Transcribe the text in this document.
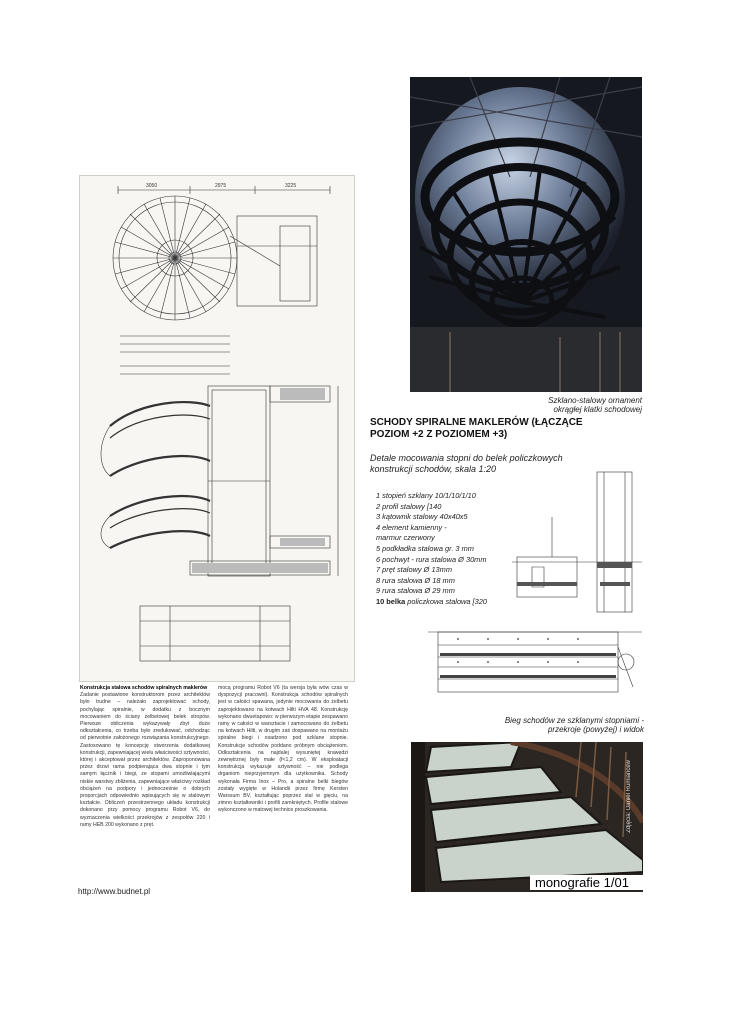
3050	2975	3225
Konstrukcja stalowa schodów spiralnych maklerów
Zadanie postawione konstruktorom przez architektów było trudne – należało zaprojektować schody, pochylając spiralnie, w dodatku z bocznym mocowaniem do ściany żelbetowej belek stropów. Pierwsze obliczenia wykazywały zbyt duże odkształcenia, co trzeba było zredukować, odchodząc od pierwotnie założonego rozwiązania konstrukcyjnego. Zastosowano tę koncepcję stworzenia dodatkowej konstrukcji, zapewniającej wielu właściwości sztywności, której i akceptował przez architektów. Zaproponowana przez drzwi rama podpierająca dwa stopnie i tym samym łącznik i biegi, ze stopami umożliwiającymi niskie warstwy zbliżenia, zapewniające właściwy rozkład obciążeń na podpory i jednocześnie o dobrych proporcjach odpowiednio wpisujących się w stalowym kształcie. Obliczeń przestrzennego układu konstrukcji dokonano przy pomocy programu Robot V6, do wyznaczenia wielkości przekrojów z zespołów 220 i ramy HEB 200 wykonano z pręt.
mocą programu Robot V6 (ta wersja była wów czas w dyspozycji pracowni). Konstrukcja schodów spiralnych jest w całości spawana, jedynie mocowania do żelbetu zaprojektowano na kotwach Hilti HVA 48. Konstrukcję wykonano dwuetapowo: w pierwszym etapie zespawano ramy w całości w warsztacie i zamocowano do żelbetu na kotwach Hilti, w drugim zaś dospawano na montażu spiralne biegi i osadzono pod szklane stopnie. Konstrukcje schodów poddano próbnym obciążeniom. Odkształcenia na najdalej wysuniętej krawędzi zewnętrznej były małe (f<1,2 cm). W eksploatacji konstrukcja wykazuje sztywność – nie podlega drganiom nieprzyjemnym dla użytkownika. Schody wykonała Firma Inox – Pro, a spiralne belki biegów zostały wygięte w Holandii przez firmę Kersten Warssum BV, kształtując poprzez stal w gięciu, na zimno kształtowniki i profili zamkniętych. Profile stalowe wykonczono w matowej technice proszkowania.
http://www.budnet.pl
Szklano-stalowy ornament
okrągłej klatki schodowej
SCHODY SPIRALNE MAKLERÓW (ŁĄCZĄCE
POZIOM +2 Z POZIOMEM +3)
Detale mocowania stopni do belek policzkowych
konstrukcji schodów, skala 1:20
1 stopień szklany 10/1/10/1/10
2 profil stalowy [140
3 kątownik stalowy 40x40x5
4 element kamienny -
marmur czerwony
5 podkładka stalowa gr. 3 mm
6 pochwyt - rura stalowa Ø 30mm
7 pręt stalowy Ø 13mm
8 rura stalowa Ø 18 mm
9 rura stalowa Ø 29 mm
10 belka policzkowa stalowa [320
Bieg schodów ze szklanymi stopniami -
przekroje (powyżej) i widok
Zdjęcia: Daniel Rumiancew
monografie 1/01
